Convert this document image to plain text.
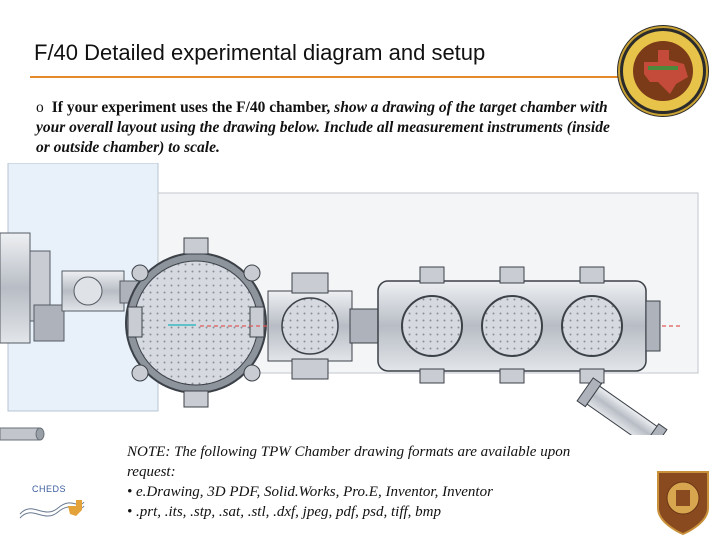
F/40 Detailed experimental diagram and setup
o If your experiment uses the F/40 chamber, show a drawing of the target chamber with your overall layout using the drawing below. Include all measurement instruments (inside or outside chamber) to scale.
NOTE: The following TPW Chamber drawing formats are available upon
request:
• e.Drawing, 3D PDF, Solid.Works, Pro.E, Inventor, Inventor
• .prt, .its, .stp, .sat, .stl, .dxf, jpeg, pdf, psd, tiff, bmp
CHEDS
